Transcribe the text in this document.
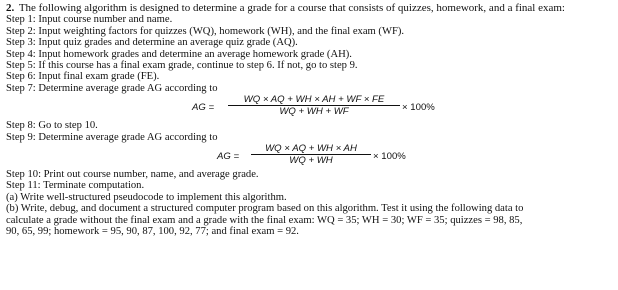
2. The following algorithm is designed to determine a grade for a course that consists of quizzes, homework, and a final exam:
Step 1: Input course number and name.
Step 2: Input weighting factors for quizzes (WQ), homework (WH), and the final exam (WF).
Step 3: Input quiz grades and determine an average quiz grade (AQ).
Step 4: Input homework grades and determine an average homework grade (AH).
Step 5: If this course has a final exam grade, continue to step 6. If not, go to step 9.
Step 6: Input final exam grade (FE).
Step 7: Determine average grade AG according to
AG = $\frac{WQ \times AQ + WH \times AH + WF \times FE}{WQ + WH + WF} \times 100\%$
Step 8: Go to step 10.
Step 9: Determine average grade AG according to
AG = $\frac{WQ \times AQ + WH \times AH}{WQ + WH} \times 100\%$
Step 10: Print out course number, name, and average grade.
Step 11: Terminate computation.
(a) Write well-structured pseudocode to implement this algorithm.
(b) Write, debug, and document a structured computer program based on this algorithm. Test it using the following data to
calculate a grade without the final exam and a grade with the final exam: WQ = 35; WH = 30; WF = 35; quizzes = 98, 85,
90, 65, 99; homework = 95, 90, 87, 100, 92, 77; and final exam = 92.
